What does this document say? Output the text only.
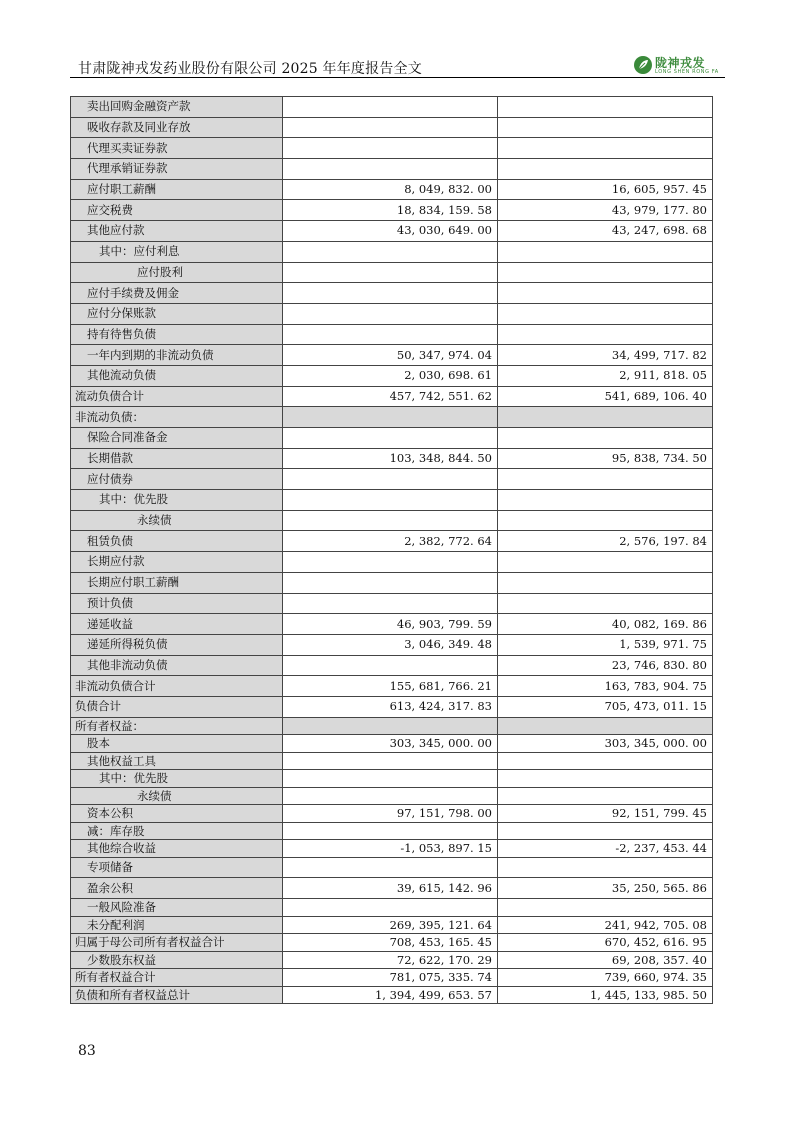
甘肃陇神戎发药业股份有限公司 2025 年年度报告全文	陇神戎发
LONG SHEN RONG FA
卖出回购金融资产款		
吸收存款及同业存放		
代理买卖证券款		
代理承销证券款		
应付职工薪酬	8, 049, 832. 00	16, 605, 957. 45
应交税费	18, 834, 159. 58	43, 979, 177. 80
其他应付款	43, 030, 649. 00	43, 247, 698. 68
其中：应付利息		
应付股利		
应付手续费及佣金		
应付分保账款		
持有待售负债		
一年内到期的非流动负债	50, 347, 974. 04	34, 499, 717. 82
其他流动负债	2, 030, 698. 61	2, 911, 818. 05
流动负债合计	457, 742, 551. 62	541, 689, 106. 40
非流动负债：		
保险合同准备金		
长期借款	103, 348, 844. 50	95, 838, 734. 50
应付债券		
其中：优先股		
永续债		
租赁负债	2, 382, 772. 64	2, 576, 197. 84
长期应付款		
长期应付职工薪酬		
预计负债		
递延收益	46, 903, 799. 59	40, 082, 169. 86
递延所得税负债	3, 046, 349. 48	1, 539, 971. 75
其他非流动负债		23, 746, 830. 80
非流动负债合计	155, 681, 766. 21	163, 783, 904. 75
负债合计	613, 424, 317. 83	705, 473, 011. 15
所有者权益：		
股本	303, 345, 000. 00	303, 345, 000. 00
其他权益工具		
其中：优先股		
永续债		
资本公积	97, 151, 798. 00	92, 151, 799. 45
减：库存股		
其他综合收益	-1, 053, 897. 15	-2, 237, 453. 44
专项储备		
盈余公积	39, 615, 142. 96	35, 250, 565. 86
一般风险准备		
未分配利润	269, 395, 121. 64	241, 942, 705. 08
归属于母公司所有者权益合计	708, 453, 165. 45	670, 452, 616. 95
少数股东权益	72, 622, 170. 29	69, 208, 357. 40
所有者权益合计	781, 075, 335. 74	739, 660, 974. 35
负债和所有者权益总计	1, 394, 499, 653. 57	1, 445, 133, 985. 50
83
